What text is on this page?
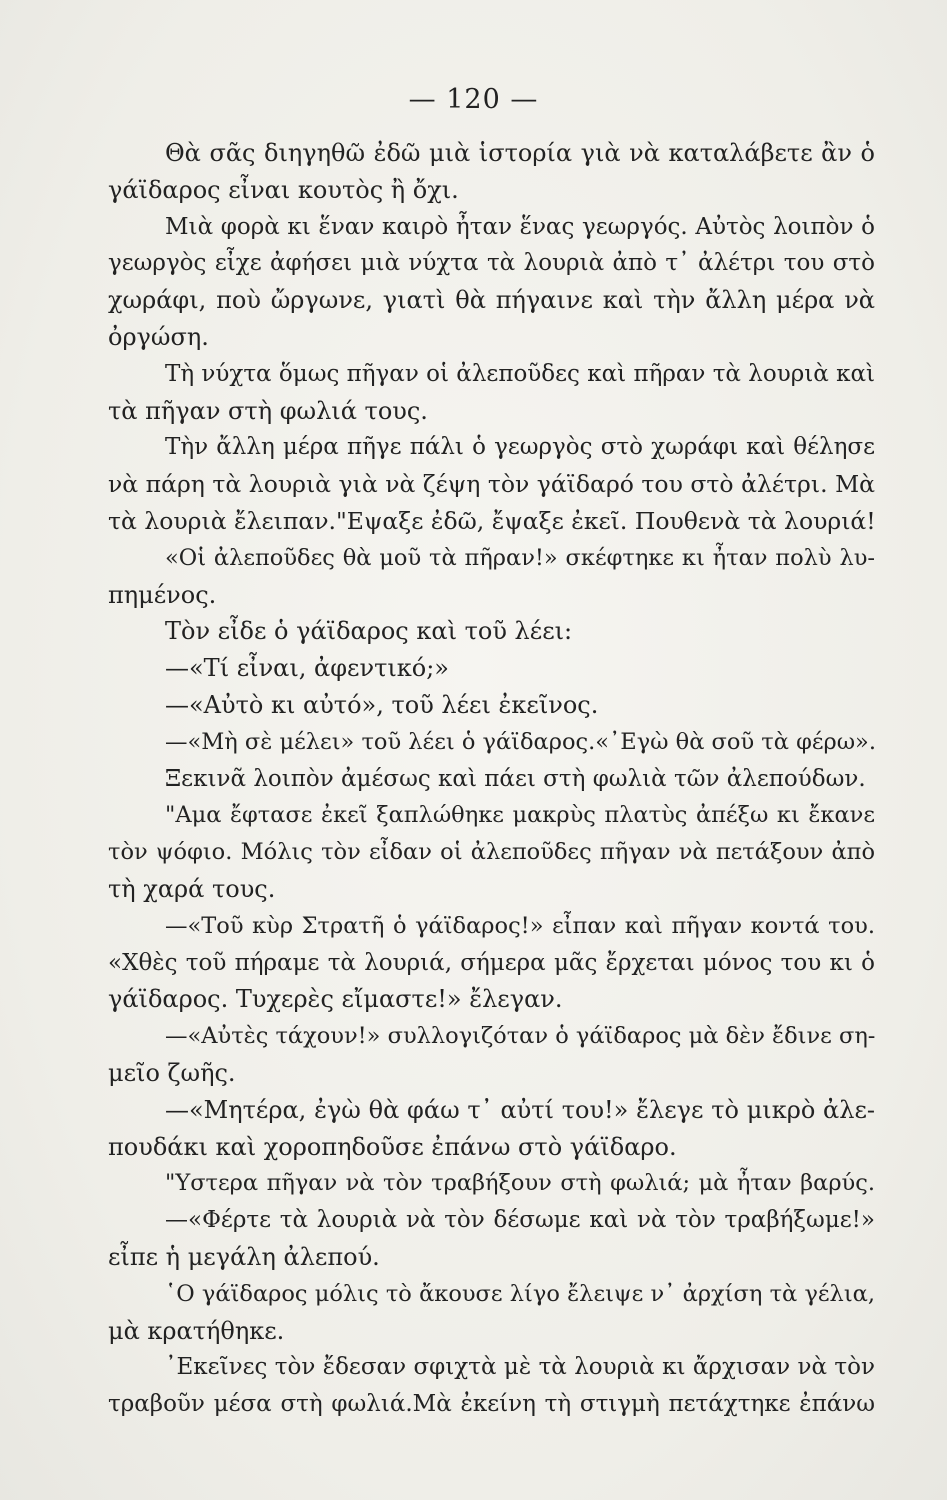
— 120 —
Θὰ σᾶς διηγηθῶ ἐδῶ μιὰ ἱστορία γιὰ νὰ καταλάβετε ἂν ὁ
γάϊδαρος εἶναι κουτὸς ἢ ὄχι.
Μιὰ φορὰ κι ἕναν καιρὸ ἦταν ἕνας γεωργός. Αὐτὸς λοιπὸν ὁ
γεωργὸς εἶχε ἀφήσει μιὰ νύχτα τὰ λουριὰ ἀπὸ τ᾽ ἀλέτρι του στὸ
χωράφι, ποὺ ὤργωνε, γιατὶ θὰ πήγαινε καὶ τὴν ἄλλη μέρα νὰ
ὀργώση.
Τὴ νύχτα ὅμως πῆγαν οἱ ἀλεποῦδες καὶ πῆραν τὰ λουριὰ καὶ
τὰ πῆγαν στὴ φωλιά τους.
Τὴν ἄλλη μέρα πῆγε πάλι ὁ γεωργὸς στὸ χωράφι καὶ θέλησε
νὰ πάρη τὰ λουριὰ γιὰ νὰ ζέψη τὸν γάϊδαρό του στὸ ἀλέτρι. Μὰ
τὰ λουριὰ ἔλειπαν."Εψαξε ἐδῶ, ἔψαξε ἐκεῖ. Πουθενὰ τὰ λουριά!
«Οἱ ἀλεποῦδες θὰ μοῦ τὰ πῆραν!» σκέφτηκε κι ἦταν πολὺ λυ-
πημένος.
Τὸν εἶδε ὁ γάϊδαρος καὶ τοῦ λέει:
—«Τί εἶναι, ἀφεντικό;»
—«Αὐτὸ κι αὐτό», τοῦ λέει ἐκεῖνος.
—«Μὴ σὲ μέλει» τοῦ λέει ὁ γάϊδαρος.«᾿Εγὼ θὰ σοῦ τὰ φέρω».
Ξεκινᾶ λοιπὸν ἀμέσως καὶ πάει στὴ φωλιὰ τῶν ἀλεπούδων.
"Αμα ἔφτασε ἐκεῖ ξαπλώθηκε μακρὺς πλατὺς ἀπέξω κι ἔκανε
τὸν ψόφιο. Μόλις τὸν εἶδαν οἱ ἀλεποῦδες πῆγαν νὰ πετάξουν ἀπὸ
τὴ χαρά τους.
—«Τοῦ κὺρ Στρατῆ ὁ γάϊδαρος!» εἶπαν καὶ πῆγαν κοντά του.
«Χθὲς τοῦ πήραμε τὰ λουριά, σήμερα μᾶς ἔρχεται μόνος του κι ὁ
γάϊδαρος. Τυχερὲς εἴμαστε!» ἔλεγαν.
—«Αὐτὲς τάχουν!» συλλογιζόταν ὁ γάϊδαρος μὰ δὲν ἔδινε ση-
μεῖο ζωῆς.
—«Μητέρα, ἐγὼ θὰ φάω τ᾽ αὐτί του!» ἔλεγε τὸ μικρὸ ἀλε-
πουδάκι καὶ χοροπηδοῦσε ἐπάνω στὸ γάϊδαρο.
"Υστερα πῆγαν νὰ τὸν τραβήξουν στὴ φωλιά; μὰ ἦταν βαρύς.
—«Φέρτε τὰ λουριὰ νὰ τὸν δέσωμε καὶ νὰ τὸν τραβήξωμε!»
εἶπε ἡ μεγάλη ἀλεπού.
῾Ο γάϊδαρος μόλις τὸ ἄκουσε λίγο ἔλειψε ν᾽ ἀρχίση τὰ γέλια,
μὰ κρατήθηκε.
᾿Εκεῖνες τὸν ἔδεσαν σφιχτὰ μὲ τὰ λουριὰ κι ἄρχισαν νὰ τὸν
τραβοῦν μέσα στὴ φωλιά.Μὰ ἐκείνη τὴ στιγμὴ πετάχτηκε ἐπάνω
